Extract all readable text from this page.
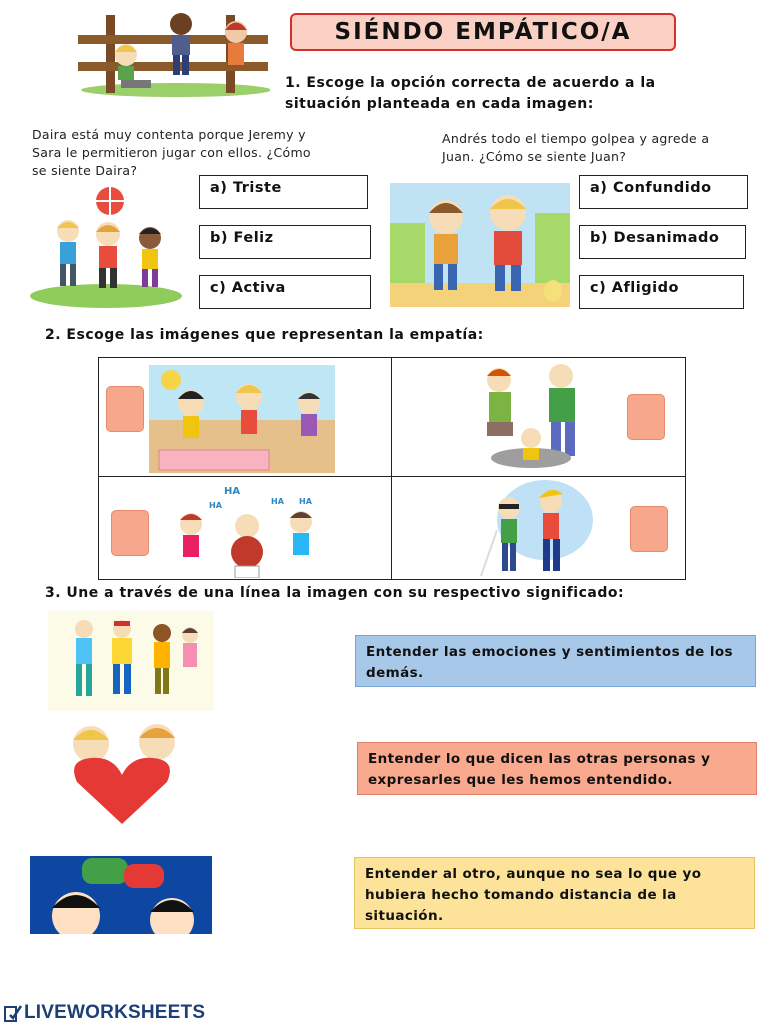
SIÉNDO EMPÁTICO/A
1. Escoge la opción correcta de acuerdo a la
situación planteada en cada imagen:
Daira está muy contenta porque Jeremy y
Sara le permitieron jugar con ellos. ¿Cómo
se siente Daira?
Andrés todo el tiempo golpea y agrede a
Juan. ¿Cómo se siente Juan?
a) Triste
b) Feliz
c) Activa
a) Confundido
b) Desanimado
c) Afligido
2. Escoge las imágenes que representan la empatía:
HA
HA	HA HA
3. Une a través de una línea la imagen con su respectivo significado:
Entender las emociones y sentimientos de los
demás.
Entender lo que dicen las otras personas y
expresarles que les hemos entendido.
Entender al otro, aunque no sea lo que yo
hubiera hecho tomando distancia de la
situación.
LIVEWORKSHEETS
